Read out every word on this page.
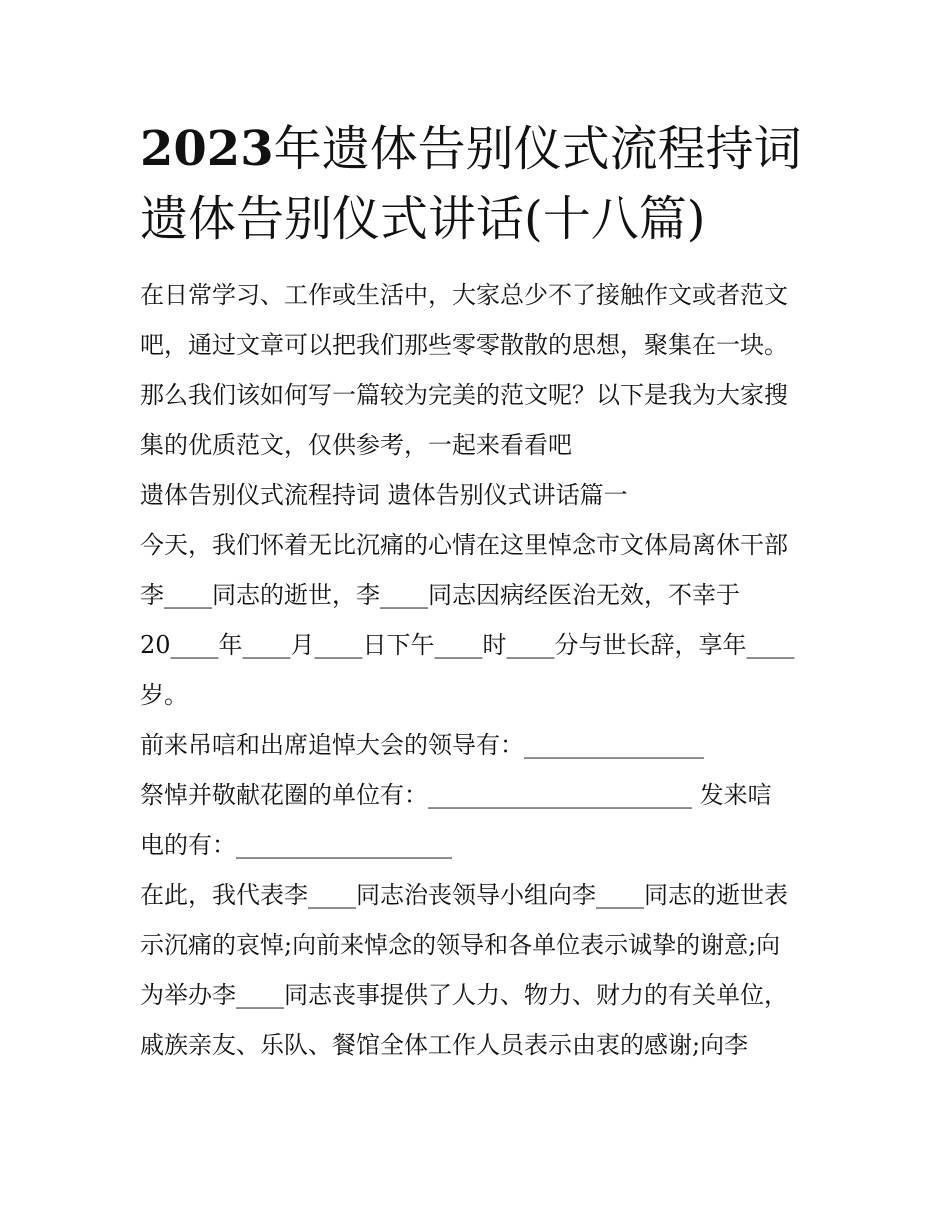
2023年遗体告别仪式流程持词
遗体告别仪式讲话(十八篇)
在日常学习、工作或生活中，大家总少不了接触作文或者范文
吧，通过文章可以把我们那些零零散散的思想，聚集在一块。
那么我们该如何写一篇较为完美的范文呢？以下是我为大家搜
集的优质范文，仅供参考，一起来看看吧
遗体告别仪式流程持词 遗体告别仪式讲话篇一
今天，我们怀着无比沉痛的心情在这里悼念市文体局离休干部
李____同志的逝世，李____同志因病经医治无效，不幸于
20____年____月____日下午____时____分与世长辞，享年____
岁。
前来吊唁和出席追悼大会的领导有：_______________
祭悼并敬献花圈的单位有：______________________ 发来唁
电的有：__________________
在此，我代表李____同志治丧领导小组向李____同志的逝世表
示沉痛的哀悼;向前来悼念的领导和各单位表示诚挚的谢意;向
为举办李____同志丧事提供了人力、物力、财力的有关单位，
戚族亲友、乐队、餐馆全体工作人员表示由衷的感谢;向李
